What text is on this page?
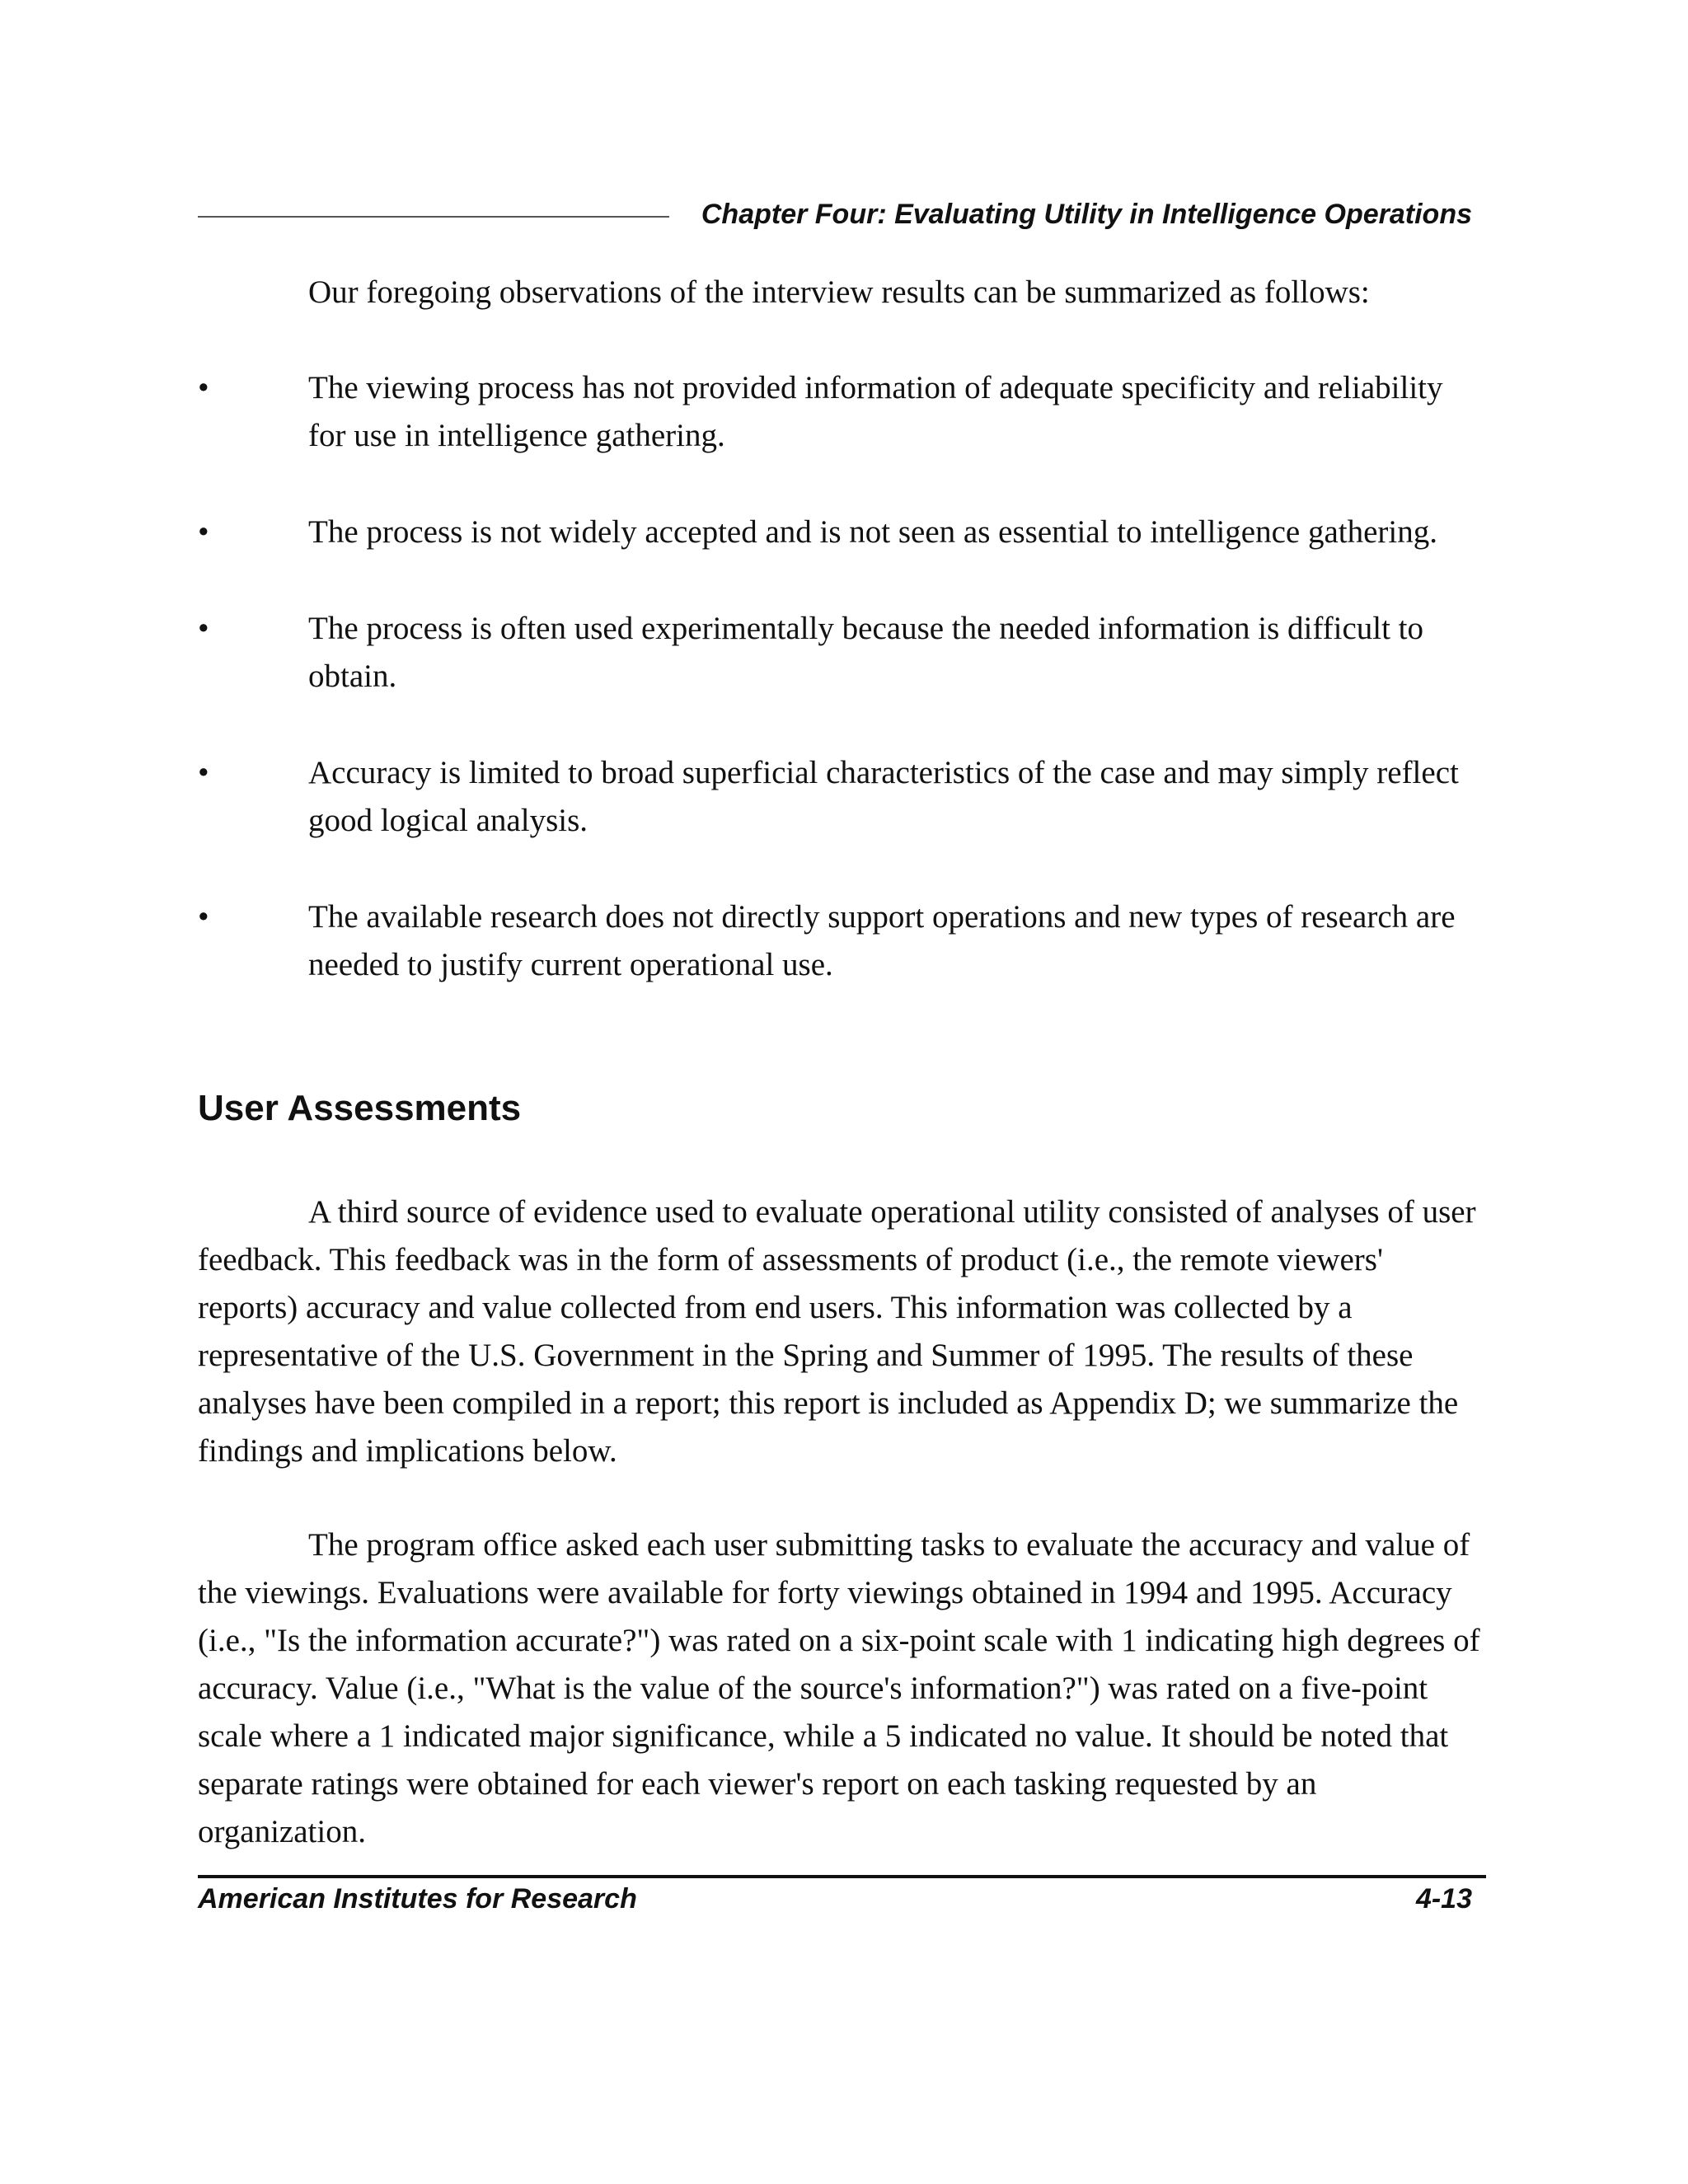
Chapter Four: Evaluating Utility in Intelligence Operations
Our foregoing observations of the interview results can be summarized as follows:
•	The viewing process has not provided information of adequate specificity and reliability for use in intelligence gathering.
•	The process is not widely accepted and is not seen as essential to intelligence gathering.
•	The process is often used experimentally because the needed information is difficult to obtain.
•	Accuracy is limited to broad superficial characteristics of the case and may simply reflect good logical analysis.
•	The available research does not directly support operations and new types of research are needed to justify current operational use.
User Assessments

A third source of evidence used to evaluate operational utility consisted of analyses of user feedback. This feedback was in the form of assessments of product (i.e., the remote viewers' reports) accuracy and value collected from end users. This information was collected by a representative of the U.S. Government in the Spring and Summer of 1995. The results of these analyses have been compiled in a report; this report is included as Appendix D; we summarize the findings and implications below.

The program office asked each user submitting tasks to evaluate the accuracy and value of the viewings. Evaluations were available for forty viewings obtained in 1994 and 1995. Accuracy (i.e., "Is the information accurate?") was rated on a six-point scale with 1 indicating high degrees of accuracy. Value (i.e., "What is the value of the source's information?") was rated on a five-point scale where a 1 indicated major significance, while a 5 indicated no value. It should be noted that separate ratings were obtained for each viewer's report on each tasking requested by an organization.

American Institutes for Research	4-13
